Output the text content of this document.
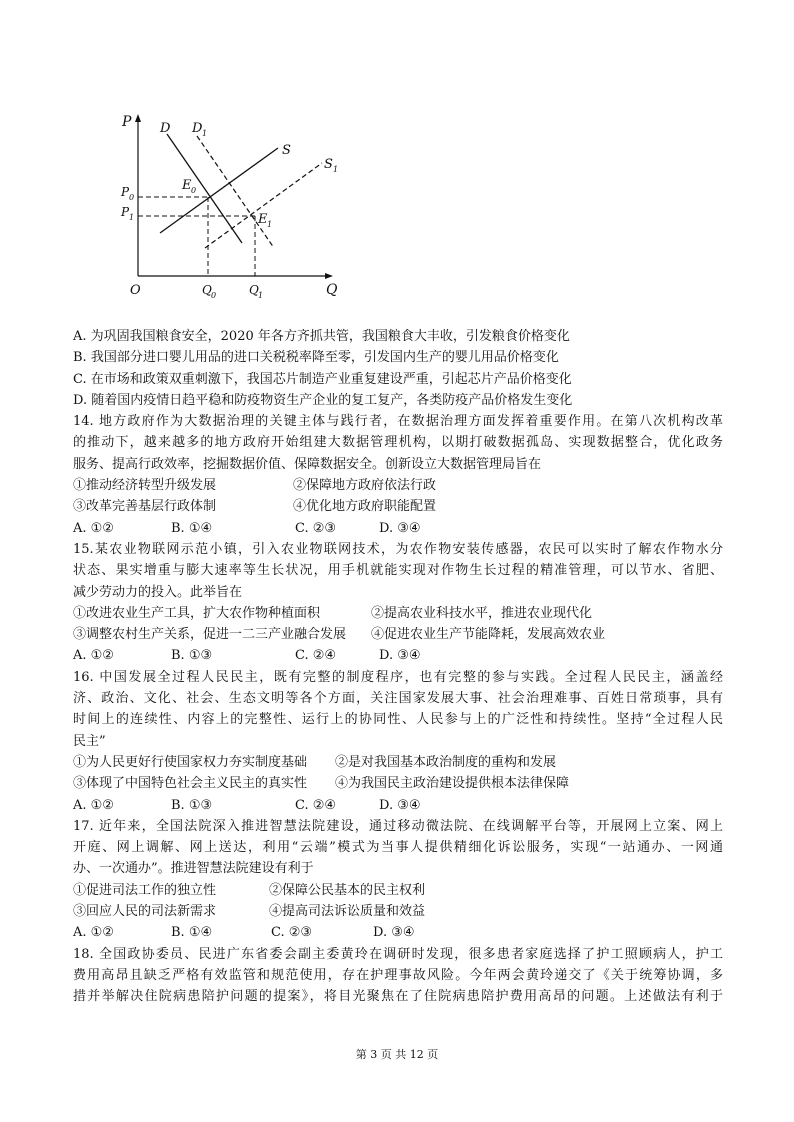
P
Q
O
D D 1
S
S 1
P 0
P 1
Q 0	Q 1
E 0
E 1
A. 为巩固我国粮食安全，2020 年各方齐抓共管，我国粮食大丰收，引发粮食价格变化
B. 我国部分进口婴儿用品的进口关税税率降至零，引发国内生产的婴儿用品价格变化
C. 在市场和政策双重刺激下，我国芯片制造产业重复建设严重，引起芯片产品价格变化
D. 随着国内疫情日趋平稳和防疫物资生产企业的复工复产，各类防疫产品价格发生变化
14. 地方政府作为大数据治理的关键主体与践行者，在数据治理方面发挥着重要作用。在第八次机构改革
的推动下，越来越多的地方政府开始组建大数据管理机构，以期打破数据孤岛、实现数据整合，优化政务
服务、提高行政效率，挖掘数据价值、保障数据安全。创新设立大数据管理局旨在
①推动经济转型升级发展	②保障地方政府依法行政
③改革完善基层行政体制	④优化地方政府职能配置
A. ①②	B. ①④	C. ②③	D. ③④
15.某农业物联网示范小镇，引入农业物联网技术，为农作物安装传感器，农民可以实时了解农作物水分
状态、果实增重与膨大速率等生长状况，用手机就能实现对作物生长过程的精准管理，可以节水、省肥、
减少劳动力的投入。此举旨在
①改进农业生产工具，扩大农作物种植面积	②提高农业科技水平，推进农业现代化
③调整农村生产关系，促进一二三产业融合发展 ④促进农业生产节能降耗，发展高效农业
A. ①②	B. ①③	C. ②④	D. ③④
16. 中国发展全过程人民民主，既有完整的制度程序，也有完整的参与实践。全过程人民民主，涵盖经
济、政治、文化、社会、生态文明等各个方面，关注国家发展大事、社会治理难事、百姓日常琐事，具有
时间上的连续性、内容上的完整性、运行上的协同性、人民参与上的广泛性和持续性。坚持“全过程人民
民主”
①为人民更好行使国家权力夯实制度基础 ②是对我国基本政治制度的重构和发展
③体现了中国特色社会主义民主的真实性 ④为我国民主政治建设提供根本法律保障
A. ①②	B. ①③	C. ②④	D. ③④
17. 近年来，全国法院深入推进智慧法院建设，通过移动微法院、在线调解平台等，开展网上立案、网上
开庭、网上调解、网上送达，利用“云端”模式为当事人提供精细化诉讼服务，实现“一站通办、一网通
办、一次通办”。推进智慧法院建设有利于
①促进司法工作的独立性	②保障公民基本的民主权利
③回应人民的司法新需求	④提高司法诉讼质量和效益
A. ①②	B. ①④	C. ②③	D. ③④
18. 全国政协委员、民进广东省委会副主委黄玲在调研时发现，很多患者家庭选择了护工照顾病人，护工
费用高昂且缺乏严格有效监管和规范使用，存在护理事故风险。今年两会黄玲递交了《关于统筹协调，多
措并举解决住院病患陪护问题的提案》，将目光聚焦在了住院病患陪护费用高昂的问题。上述做法有利于
第 3 页 共 12 页
